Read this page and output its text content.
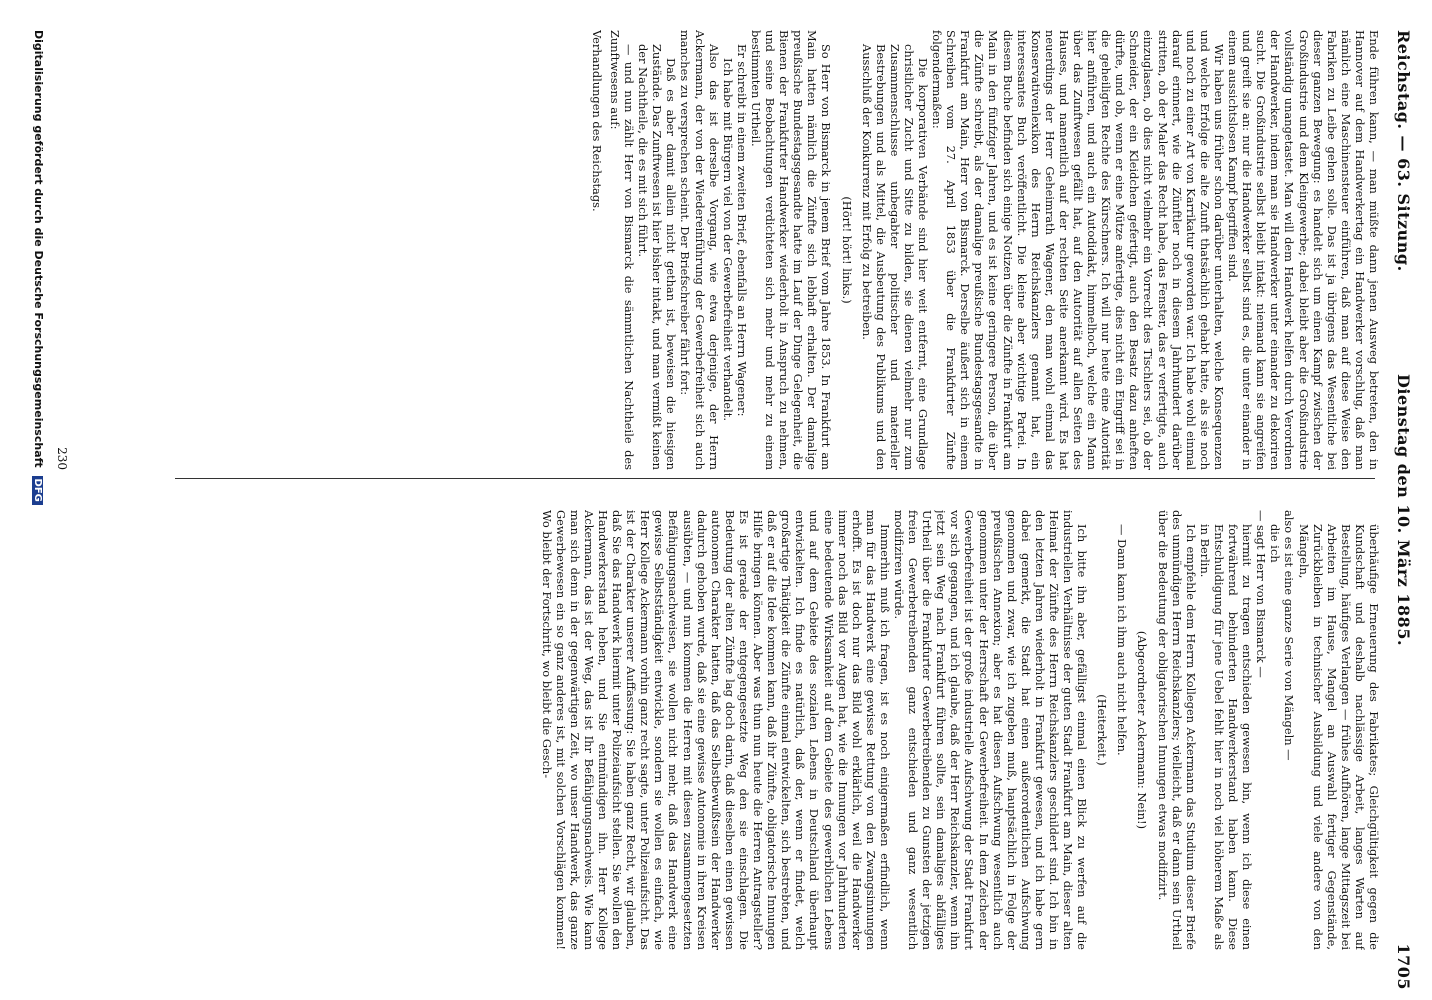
Reichstag. — 63. Sitzung.
Dienstag den 10. März 1885.
1705

Ende führen kann, — man müßte dann jenen Ausweg betreten, den in Hannover auf dem Handwerkertag ein Handwerker vorschlug, daß man nämlich eine Maschinensteuer einführen, daß man auf diese Weise den Fabriken zu Leibe gehen solle. Das ist ja übrigens das Wesentliche bei dieser ganzen Bewegung: es handelt sich um einen Kampf zwischen der Großindustrie und dem Kleingewerbe; dabei bleibt aber die Großindustrie vollständig unangetastet. Man will dem Handwerk helfen durch Verordnen der Handwerker, indem man sie Handwerker unter einander zu dekoriren sucht. Die Großindustrie selbst bleibt intakt: niemand kann sie angreifen und greift sie an: nur die Handwerker selbst sind es, die unter einander in einem aussichtslosen Kampf begriffen sind.

Wir haben uns früher schon darüber unterhalten, welche Konsequenzen und welche Erfolge die alte Zunft thatsächlich gehabt hatte, als sie noch und noch zu einer Art von Karrikatur geworden war. Ich habe wohl einmal darauf erinnert, wie die Zünftler noch in diesem Jahrhundert darüber stritten, ob der Maler das Recht habe, das Fenster, das er verfertigte, auch einzuglasen, ob dies nicht vielmehr ein Vorrecht des Tischlers sei, ob der Schneider, der ein Kleidchen gefertigt, auch den Besatz dazu anheften dürfte, und ob, wenn er eine Mütze anfertige, dies nicht ein Eingriff sei in die geheiligten Rechte des Kürschners. Ich will nur heute eine Autorität hier anführen, und auch ein Autodidakt, himmelhoch, welche ein Mann über das Zunftwesen gefällt hat, auf den Autorität auf allen Seiten des Hauses, und namentlich auf der rechten Seite anerkannt wird. Es hat neuerdings der Herr Geheimrath Wagener, den man wohl einmal das Konservativenlexikon des Herrn Reichskanzlers genannt hat, ein interessantes Buch veröffentlicht. Die kleine aber wichtige Partei. In diesem Buche befinden sich einige Notizen über die Zünfte in Frankfurt am Main in den fünfziger Jahren, und es ist keine geringere Person, die über die Zünfte schreibt, als der damalige preußische Bundestagsgesandte in Frankfurt am Main, Herr von Bismarck. Derselbe äußert sich in einem Schreiben vom 27. April 1853 über die Frankfurter Zünfte folgendermaßen:

Die korporativen Verbände sind hier weit entfernt, eine Grundlage christlicher Zucht und Sitte zu bilden, sie dienen vielmehr nur zum Zusammenschlusse unbegabter politischer und materieller Bestrebungen und als Mittel, die Ausbeutung des Publikums und den Ausschluß der Konkurrenz mit Erfolg zu betreiben.

(Hört! hört! links.)

So Herr von Bismarck in jenem Brief vom Jahre 1853. In Frankfurt am Main hatten nämlich die Zünfte sich lebhaft erhalten. Der damalige preußische Bundestagsgesandte hatte im Lauf der Dinge Gelegenheit, die Bienen der Frankfurter Handwerker wiederholt in Anspruch zu nehmen, und seine Beobachtungen verdichteten sich mehr und mehr zu einem bestimmten Urtheil.

Er schreibt in einem zweiten Brief, ebenfalls an Herrn Wagener:

Ich habe mit Bürgern viel von der Gewerbefreiheit verhandelt.

Also das ist derselbe Vorgang, wie etwa derjenige, der Herrn Ackermann, der von der Wiedereinführung der Gewerbefreiheit sich auch manches zu versprechen scheint. Der Briefschreiber fährt fort:

Daß es aber damit allein nicht gethan ist, beweisen die hiesigen Zustände. Das Zunftwesen ist hier bisher intakt, und man vermißt keinen der Nachtheile, die es mit sich führt.

— und nun zählt Herr von Bismarck die sämmtlichen Nachtheile des Zunftwesens auf:

Verhandlungen des Reichstags.

überhäufige Erneuerung des Fabrikates; Gleichgültigkeit gegen die Kundschaft und deshalb nachlässige Arbeit, langes Warten auf Bestellung, häufiges Verlangen — frühes Aufhören, lange Mittagszeit bei Arbeiten im Hause, Mangel an Auswahl fertiger Gegenstände, Zurückbleiben in technischer Ausbildung und viele andere von den Mängeln,

also es ist eine ganze Serie von Mängeln —

die ich

— sagt Herr von Bismarck —

hiermit zu tragen entschieden gewesen bin, wenn ich diese einen fortwährend behinderten Handwerkerstand haben kann. Diese Entschuldigung für jene Uebel fehlt hier in noch viel höherem Maße als in Berlin.

Ich empfehle dem Herrn Kollegen Ackermann das Studium dieser Briefe des unmündigen Herrn Reichskanzlers; vielleicht, daß er dann sein Urtheil über die Bedeutung der obligatorischen Innungen etwas modifizirt.

(Abgeordneter Ackermann: Nein!)

— Dann kann ich ihm auch nicht helfen.

(Heiterkeit.)

Ich bitte ihn aber, gefälligst einmal einen Blick zu werfen auf die industriellen Verhältnisse der guten Stadt Frankfurt am Main, dieser alten Heimat der Zünfte des Herrn Reichskanzlers geschildert sind. Ich bin in den letzten Jahren wiederholt in Frankfurt gewesen, und ich habe gern dabei gemerkt, die Stadt hat einen außerordentlichen Aufschwung genommen und zwar, wie ich zugeben muß, hauptsächlich in Folge der preußischen Annexion; aber es hat diesen Aufschwung wesentlich auch genommen unter der Herrschaft der Gewerbefreiheit. In dem Zeichen der Gewerbefreiheit ist der große industrielle Aufschwung der Stadt Frankfurt vor sich gegangen, und ich glaube, daß der Herr Reichskanzler, wenn ihn jetzt sein Weg nach Frankfurt führen sollte, sein damaliges abfälliges Urtheil über die Frankfurter Gewerbetreibenden zu Gunsten der jetzigen freien Gewerbetreibenden ganz entschieden und ganz wesentlich modifiziren würde.

Immerhin muß ich fragen, ist es noch einigermaßen erfindlich, wenn man für das Handwerk eine gewisse Rettung von den Zwangsinnungen erhofft. Es ist doch nur das Bild wohl erklärlich, weil die Handwerker immer noch das Bild vor Augen hat, wie die Innungen vor Jahrhunderten eine bedeutende Wirksamkeit auf dem Gebiete des gewerblichen Lebens und auf dem Gebiete des sozialen Lebens in Deutschland überhaupt entwickelten. Ich finde es natürlich, daß der, wenn er findet, welch großartige Thätigkeit die Zünfte einmal entwickelten, sich bestrebten, und daß er auf die Idee kommen kann, daß ihr Zünfte, obligatorische Innungen Hilfe bringen können. Aber was thun nun heute die Herren Antragsteller? Es ist gerade der entgegengesetzte Weg den sie einschlagen. Die Bedeutung der alten Zünfte lag doch darin, daß dieselben einen gewissen autonomen Charakter hatten, daß das Selbstbewußtsein der Handwerker dadurch gehoben wurde, daß sie eine gewisse Autonomie in ihren Kreisen ausübten, — und nun kommen die Herren mit diesen zusammengesetzten Befähigungsnachweisen, sie wollen nicht mehr, daß das Handwerk eine gewisse Selbstständigkeit entwickle, sondern sie wollen es einfach, wie Herr Kollege Ackermann vorhin ganz recht sagte, unter Polizeiaufsicht. Das ist der Charakter unserer Auffassung: Sie haben ganz Recht, wir glauben, daß Sie das Handwerk hiermit unter Polizeiaufsicht stellen. Sie wollen den Handwerkerstand heben, und Sie entmündigen ihn. Herr Kollege Ackermann, das ist der Weg, das ist Ihr Befähigungsnachweis. Wie kann man sich denn in der gegenwärtigen Zeit, wo unser Handwerk, das ganze Gewerbewesen ein so ganz anderes ist, mit solchen Vorschlägen kommen! Wo bleibt der Fortschritt, wo bleibt die Gesch-

230
Digitalisierung gefördert durch die Deutsche Forschungsgemeinschaft DFG
